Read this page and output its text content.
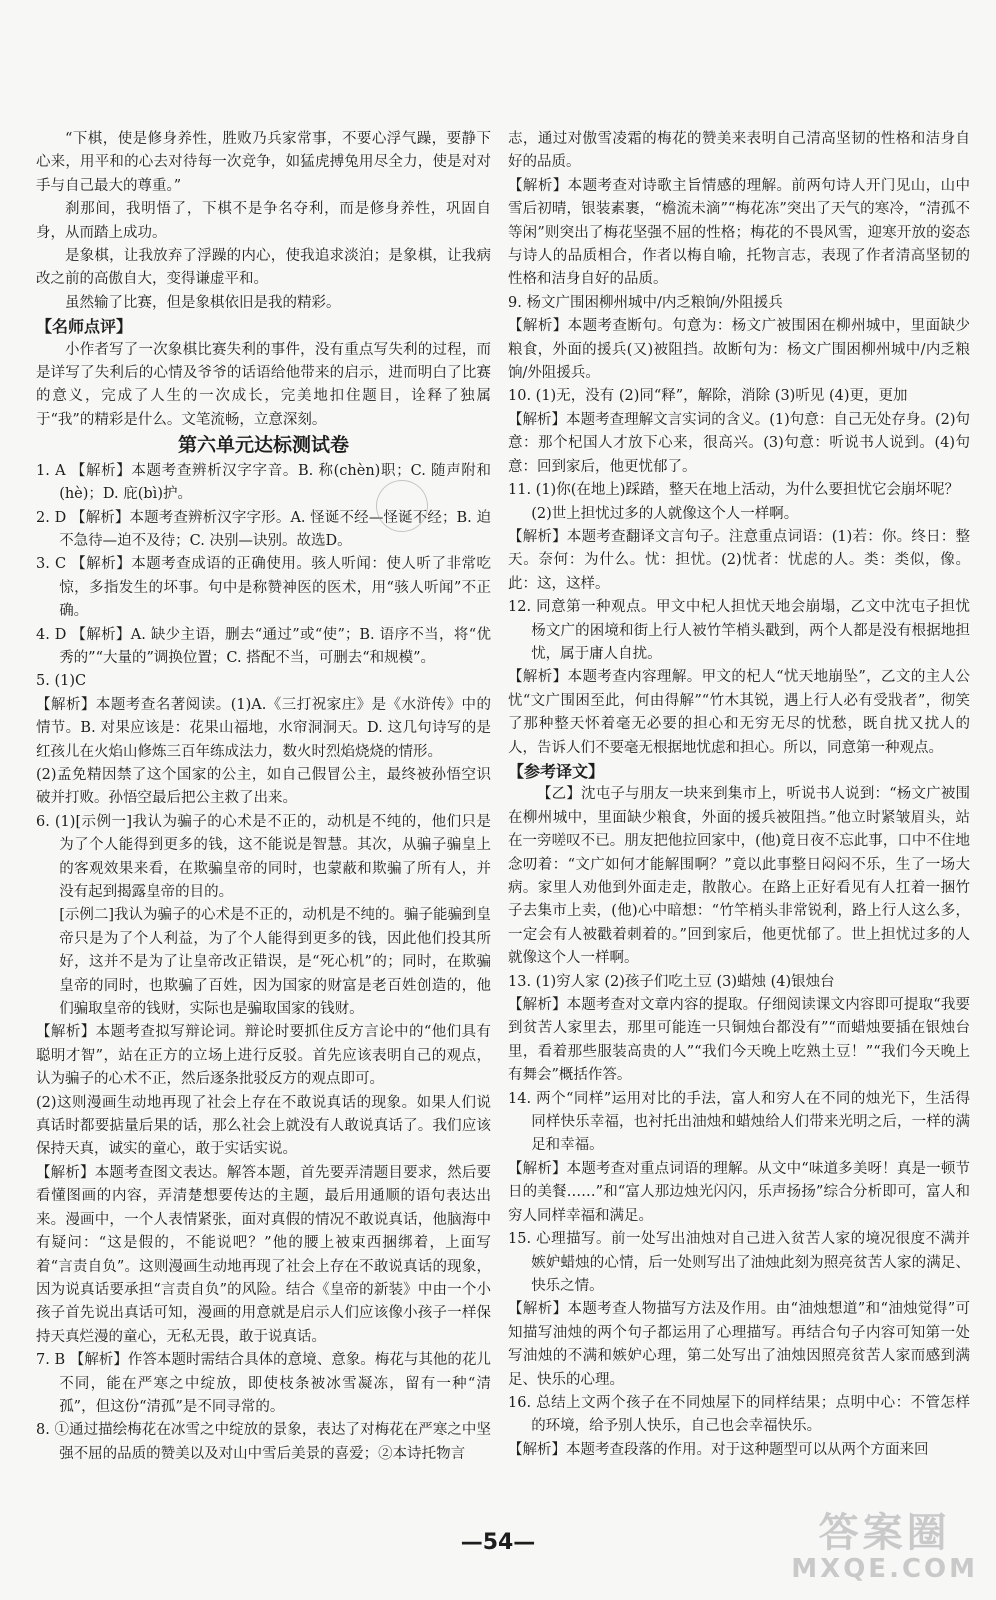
“下棋，使是修身养性，胜败乃兵家常事，不要心浮气躁，要静下心来，用平和的心去对待每一次竞争，如猛虎搏兔用尽全力，使是对对手与自己最大的尊重。”
刹那间，我明悟了，下棋不是争名夺利，而是修身养性，巩固自身，从而踏上成功。
是象棋，让我放弃了浮躁的内心，使我追求淡泊；是象棋，让我病改之前的高傲自大，变得谦虚平和。
虽然输了比赛，但是象棋依旧是我的精彩。
【名师点评】
小作者写了一次象棋比赛失利的事件，没有重点写失利的过程，而是详写了失利后的心情及爷爷的话语给他带来的启示，进而明白了比赛的意义，完成了人生的一次成长，完美地扣住题目，诠释了独属于“我”的精彩是什么。文笔流畅，立意深刻。
第六单元达标测试卷
1. A 【解析】本题考查辨析汉字字音。B. 称(chèn)职；C. 随声附和(hè)；D. 庇(bì)护。
2. D 【解析】本题考查辨析汉字字形。A. 怪诞不经—怪诞不经；B. 迫不急待—迫不及待；C. 决别—诀别。故选D。
3. C 【解析】本题考查成语的正确使用。骇人听闻：使人听了非常吃惊，多指发生的坏事。句中是称赞神医的医术，用“骇人听闻”不正确。
4. D 【解析】A. 缺少主语，删去“通过”或“使”；B. 语序不当，将“优秀的”“大量的”调换位置；C. 搭配不当，可删去“和规模”。
5. (1)C
【解析】本题考查名著阅读。(1)A.《三打祝家庄》是《水浒传》中的情节。B. 对果应该是：花果山福地，水帘洞洞天。D. 这几句诗写的是红孩儿在火焰山修炼三百年练成法力，数火时烈焰烧烧的情形。
(2)孟免精因禁了这个国家的公主，如自己假冒公主，最终被孙悟空识破并打败。孙悟空最后把公主救了出来。
6. (1)[示例一]我认为骗子的心术是不正的，动机是不纯的，他们只是为了个人能得到更多的钱，这不能说是智慧。其次，从骗子骗皇上的客观效果来看，在欺骗皇帝的同时，也蒙蔽和欺骗了所有人，并没有起到揭露皇帝的目的。
[示例二]我认为骗子的心术是不正的，动机是不纯的。骗子能骗到皇帝只是为了个人利益，为了个人能得到更多的钱，因此他们投其所好，这并不是为了让皇帝改正错误，是“死心机”的；同时，在欺骗皇帝的同时，也欺骗了百姓，因为国家的财富是老百姓创造的，他们骗取皇帝的钱财，实际也是骗取国家的钱财。
【解析】本题考查拟写辩论词。辩论时要抓住反方言论中的“他们具有聪明才智”，站在正方的立场上进行反驳。首先应该表明自己的观点，认为骗子的心术不正，然后逐条批驳反方的观点即可。
(2)这则漫画生动地再现了社会上存在不敢说真话的现象。如果人们说真话时都要掂量后果的话，那么社会上就没有人敢说真话了。我们应该保持天真，诚实的童心，敢于实话实说。
【解析】本题考查图文表达。解答本题，首先要弄清题目要求，然后要看懂图画的内容，弄清楚想要传达的主题，最后用通顺的语句表达出来。漫画中，一个人表情紧张，面对真假的情况不敢说真话，他脑海中有疑问：“这是假的，不能说吧？”他的腰上被束西捆绑着，上面写着“言责自负”。这则漫画生动地再现了社会上存在不敢说真话的现象，因为说真话要承担“言责自负”的风险。结合《皇帝的新装》中由一个小孩子首先说出真话可知，漫画的用意就是启示人们应该像小孩子一样保持天真烂漫的童心，无私无畏，敢于说真话。
7. B 【解析】作答本题时需结合具体的意境、意象。梅花与其他的花儿不同，能在严寒之中绽放，即使枝条被冰雪凝冻，留有一种“清孤”，但这份“清孤”是不同寻常的。
8. ①通过描绘梅花在冰雪之中绽放的景象，表达了对梅花在严寒之中坚强不屈的品质的赞美以及对山中雪后美景的喜爱；②本诗托物言
志，通过对傲雪凌霜的梅花的赞美来表明自己清高坚韧的性格和洁身自好的品质。
【解析】本题考查对诗歌主旨情感的理解。前两句诗人开门见山，山中雪后初晴，银装素裹，“檐流未滴”“梅花冻”突出了天气的寒冷，“清孤不等闲”则突出了梅花坚强不屈的性格；梅花的不畏风雪，迎寒开放的姿态与诗人的品质相合，作者以梅自喻，托物言志，表现了作者清高坚韧的性格和洁身自好的品质。
9. 杨文广围困柳州城中/内乏粮饷/外阻援兵
【解析】本题考查断句。句意为：杨文广被围困在柳州城中，里面缺少粮食，外面的援兵(又)被阻挡。故断句为：杨文广围困柳州城中/内乏粮饷/外阻援兵。
10. (1)无，没有 (2)同“释”，解除，消除 (3)听见 (4)更，更加
【解析】本题考查理解文言实词的含义。(1)句意：自己无处存身。(2)句意：那个杞国人才放下心来，很高兴。(3)句意：听说书人说到。(4)句意：回到家后，他更忧郁了。
11. (1)你(在地上)踩踏，整天在地上活动，为什么要担忧它会崩坏呢？
(2)世上担忧过多的人就像这个人一样啊。
【解析】本题考查翻译文言句子。注意重点词语：(1)若：你。终日：整天。奈何：为什么。忧：担忧。(2)忧者：忧虑的人。类：类似，像。此：这，这样。
12. 同意第一种观点。甲文中杞人担忧天地会崩塌，乙文中沈屯子担忧杨文广的困境和街上行人被竹竿梢头戳到，两个人都是没有根据地担忧，属于庸人自扰。
【解析】本题考查内容理解。甲文的杞人“忧天地崩坠”，乙文的主人公忧“文广围困至此，何由得解”“竹木其锐，遇上行人必有受戕者”，彻笑了那种整天怀着毫无必要的担心和无穷无尽的忧愁，既自扰又扰人的人，告诉人们不要毫无根据地忧虑和担心。所以，同意第一种观点。
【参考译文】
【乙】沈屯子与朋友一块来到集市上，听说书人说到：“杨文广被围在柳州城中，里面缺少粮食，外面的援兵被阻挡。”他立时紧皱眉头，站在一旁嗟叹不已。朋友把他拉回家中，(他)竟日夜不忘此事，口中不住地念叨着：“文广如何才能解围啊？”竟以此事整日闷闷不乐，生了一场大病。家里人劝他到外面走走，散散心。在路上正好看见有人扛着一捆竹子去集市上卖，(他)心中暗想：“竹竿梢头非常锐利，路上行人这么多，一定会有人被戳着刺着的。”回到家后，他更忧郁了。世上担忧过多的人就像这个人一样啊。
13. (1)穷人家 (2)孩子们吃土豆 (3)蜡烛 (4)银烛台
【解析】本题考查对文章内容的提取。仔细阅读课文内容即可提取“我要到贫苦人家里去，那里可能连一只铜烛台都没有”“而蜡烛要插在银烛台里，看着那些服装高贵的人”“我们今天晚上吃熟土豆！”“我们今天晚上有舞会”概括作答。
14. 两个“同样”运用对比的手法，富人和穷人在不同的烛光下，生活得同样快乐幸福，也衬托出油烛和蜡烛给人们带来光明之后，一样的满足和幸福。
【解析】本题考查对重点词语的理解。从文中“味道多美呀！真是一顿节日的美餐……”和“富人那边烛光闪闪，乐声扬扬”综合分析即可，富人和穷人同样幸福和满足。
15. 心理描写。前一处写出油烛对自己进入贫苦人家的境况很度不满并嫉妒蜡烛的心情，后一处则写出了油烛此刻为照亮贫苦人家的满足、快乐之情。
【解析】本题考查人物描写方法及作用。由“油烛想道”和“油烛觉得”可知描写油烛的两个句子都运用了心理描写。再结合句子内容可知第一处写油烛的不满和嫉妒心理，第二处写出了油烛因照亮贫苦人家而感到满足、快乐的心理。
16. 总结上文两个孩子在不同烛屋下的同样结果；点明中心：不管怎样的环境，给予别人快乐，自己也会幸福快乐。
【解析】本题考查段落的作用。对于这种题型可以从两个方面来回
—54—	答案圈
MXQE.COM
